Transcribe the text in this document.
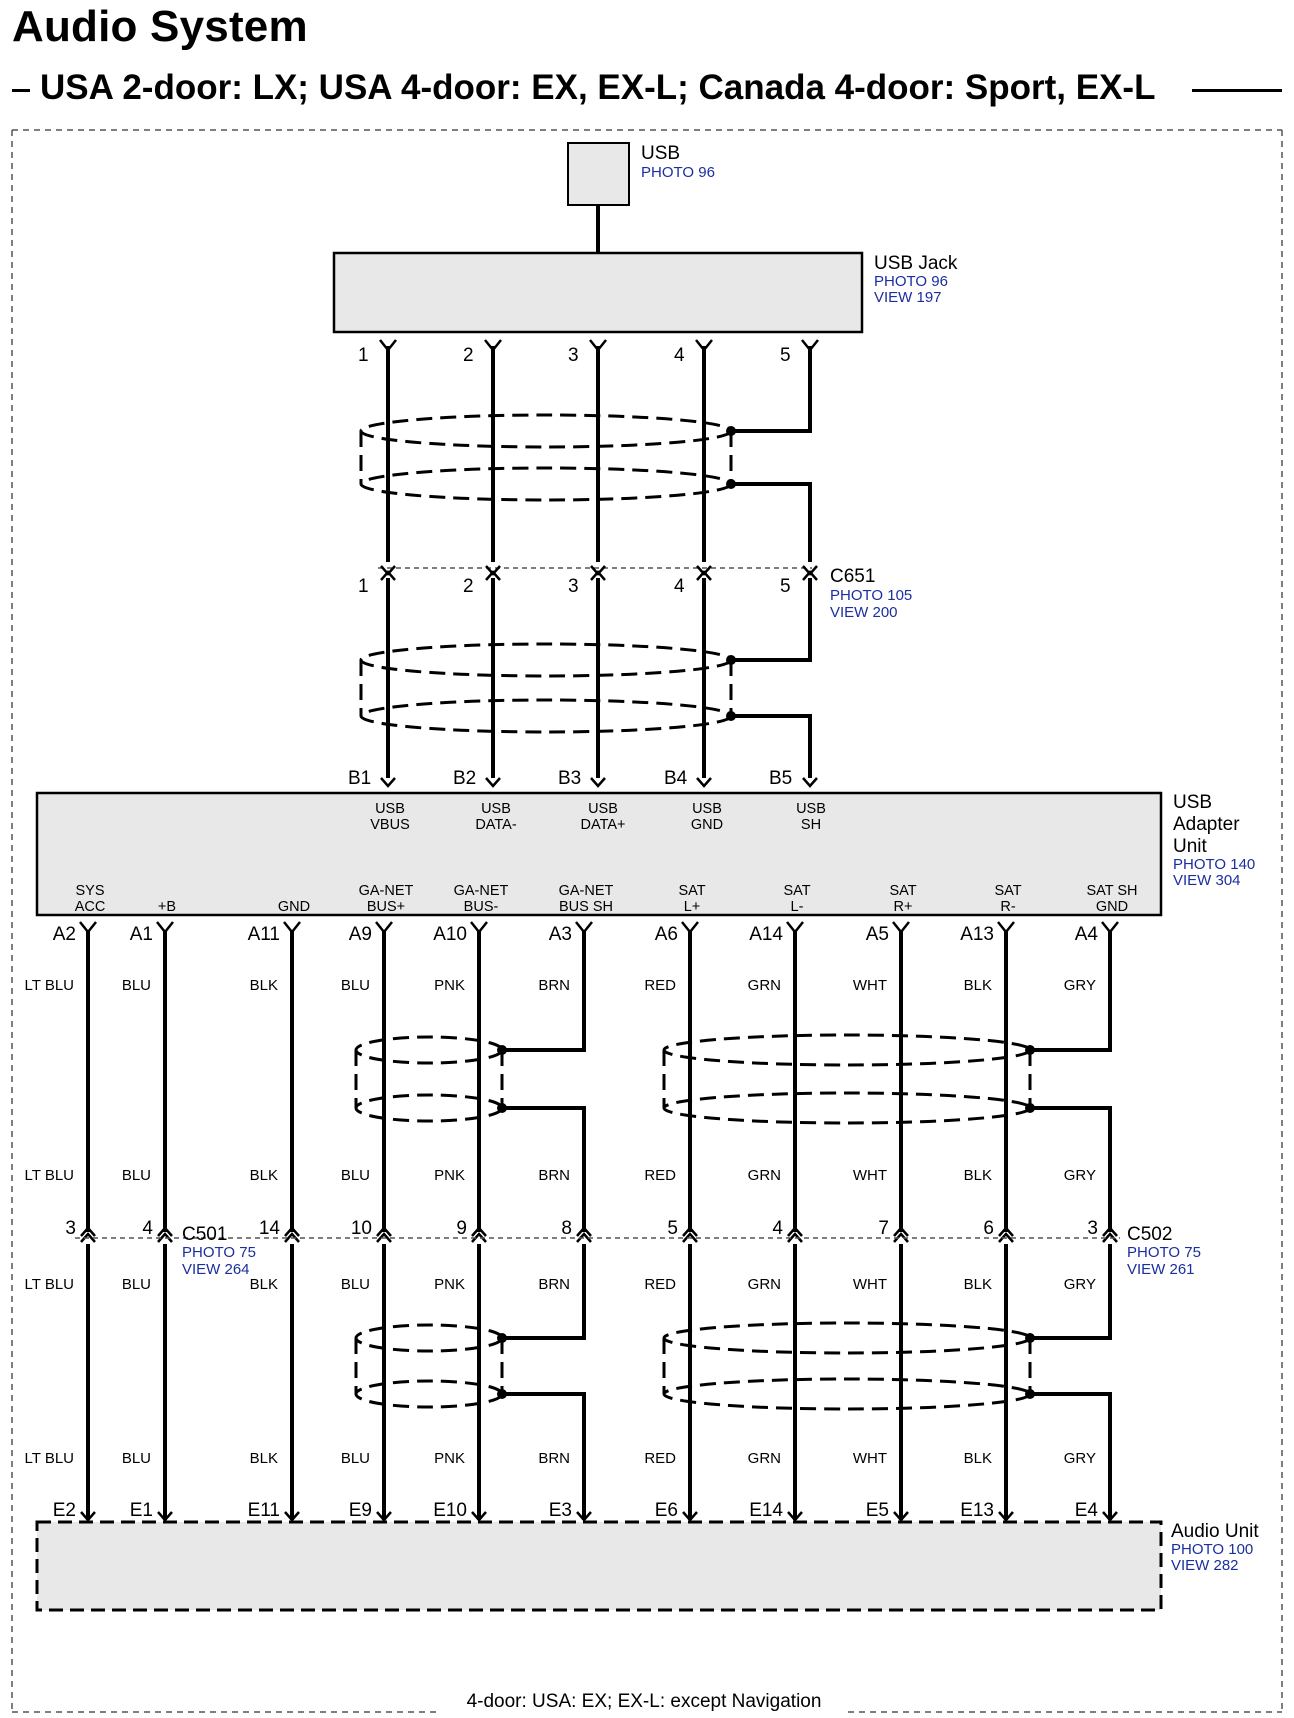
Audio System
USA 2-door: LX; USA 4-door: EX, EX-L; Canada 4-door: Sport, EX-L
4-door: USA: EX; EX-L: except Navigation
USB
PHOTO 96
USB Jack
PHOTO 96
VIEW 197
C651
PHOTO 105
VIEW 200
1	2	3	4	5
1	2	3	4	5
B1	B2	B3	B4	B5
USB
Adapter
Unit
PHOTO 140
VIEW 304
USB
VBUS
USB
DATA-
USB
DATA+
USB
GND
USB
SH
A2
E2
3
LT BLU
LT BLU
LT BLU
LT BLU
SYS
ACC
A1
E1
4
BLU
BLU
BLU
BLU
+B
A11
E11
14
BLK
BLK
BLK
BLK
GND
A9
E9
10
BLU
BLU
BLU
BLU
GA-NET
BUS+
A10
E10
9
PNK
PNK
PNK
PNK
GA-NET
BUS-
A3
E3
8
BRN
BRN
BRN
BRN
GA-NET
BUS SH
A6
E6
5
RED
RED
RED
RED
SAT
L+
A14
E14
4
GRN
GRN
GRN
GRN
SAT
L-
A5
E5
7
WHT
WHT
WHT
WHT
SAT
R+
A13
E13
6
BLK
BLK
BLK
BLK
SAT
R-
A4
E4
3
GRY
GRY
GRY
GRY
SAT SH
GND
C501
PHOTO 75
VIEW 264
C502
PHOTO 75
VIEW 261
Audio Unit
PHOTO 100
VIEW 282
